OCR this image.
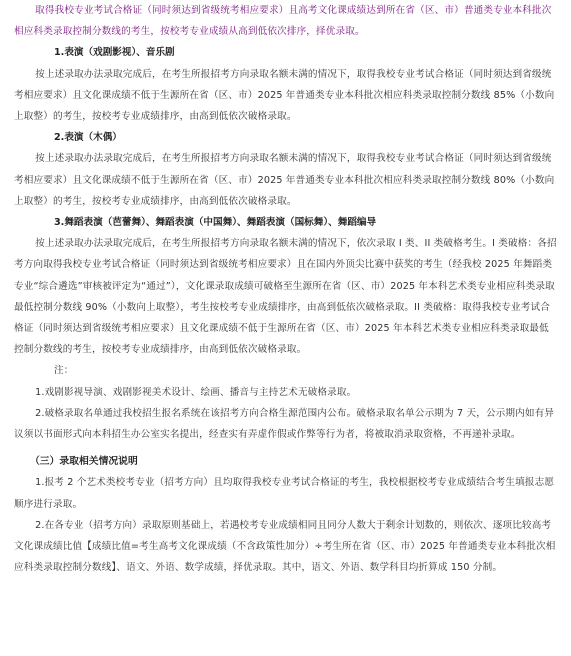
取得我校专业考试合格证（同时须达到省级统考相应要求）且高考文化课成绩达到所在省（区、市）普通类专业本科批次相应科类录取控制分数线的考生，按校考专业成绩从高到低依次排序，择优录取。

1.表演（戏剧影视）、音乐剧

按上述录取办法录取完成后，在考生所报招考方向录取名额未满的情况下，取得我校专业考试合格证（同时须达到省级统考相应要求）且文化课成绩不低于生源所在省（区、市）2025 年普通类专业本科批次相应科类录取控制分数线 85%（小数向上取整）的考生，按校考专业成绩排序，由高到低依次破格录取。

2.表演（木偶）

按上述录取办法录取完成后，在考生所报招考方向录取名额未满的情况下，取得我校专业考试合格证（同时须达到省级统考相应要求）且文化课成绩不低于生源所在省（区、市）2025 年普通类专业本科批次相应科类录取控制分数线 80%（小数向上取整）的考生，按校考专业成绩排序，由高到低依次破格录取。

3.舞蹈表演（芭蕾舞）、舞蹈表演（中国舞）、舞蹈表演（国标舞）、舞蹈编导

按上述录取办法录取完成后，在考生所报招考方向录取名额未满的情况下，依次录取 I 类、II 类破格考生。I 类破格：各招考方向取得我校专业考试合格证（同时须达到省级统考相应要求）且在国内外顶尖比赛中获奖的考生（经我校 2025 年舞蹈类专业“综合遴选”审核被评定为“通过”），文化课录取成绩可破格至生源所在省（区、市）2025 年本科艺术类专业相应科类录取最低控制分数线 90%（小数向上取整），考生按校考专业成绩排序，由高到低依次破格录取。II 类破格：取得我校专业考试合格证（同时须达到省级统考相应要求）且文化课成绩不低于生源所在省（区、市）2025 年本科艺术类专业相应科类录取最低控制分数线的考生，按校考专业成绩排序，由高到低依次破格录取。

注：

1.戏剧影视导演、戏剧影视美术设计、绘画、播音与主持艺术无破格录取。

2.破格录取名单通过我校招生报名系统在该招考方向合格生源范围内公布。破格录取名单公示期为 7 天，公示期内如有异议须以书面形式向本科招生办公室实名提出，经查实有弄虚作假或作弊等行为者，将被取消录取资格，不再递补录取。

（三）录取相关情况说明

1.报考 2 个艺术类校考专业（招考方向）且均取得我校专业考试合格证的考生，我校根据校考专业成绩结合考生填报志愿顺序进行录取。

2.在各专业（招考方向）录取原则基础上，若遇校考专业成绩相同且同分人数大于剩余计划数的，则依次、逐项比较高考文化课成绩比值【成绩比值=考生高考文化课成绩（不含政策性加分）÷考生所在省（区、市）2025 年普通类专业本科批次相应科类录取控制分数线】、语文、外语、数学成绩，择优录取。其中，语文、外语、数学科目均折算成 150 分制。
